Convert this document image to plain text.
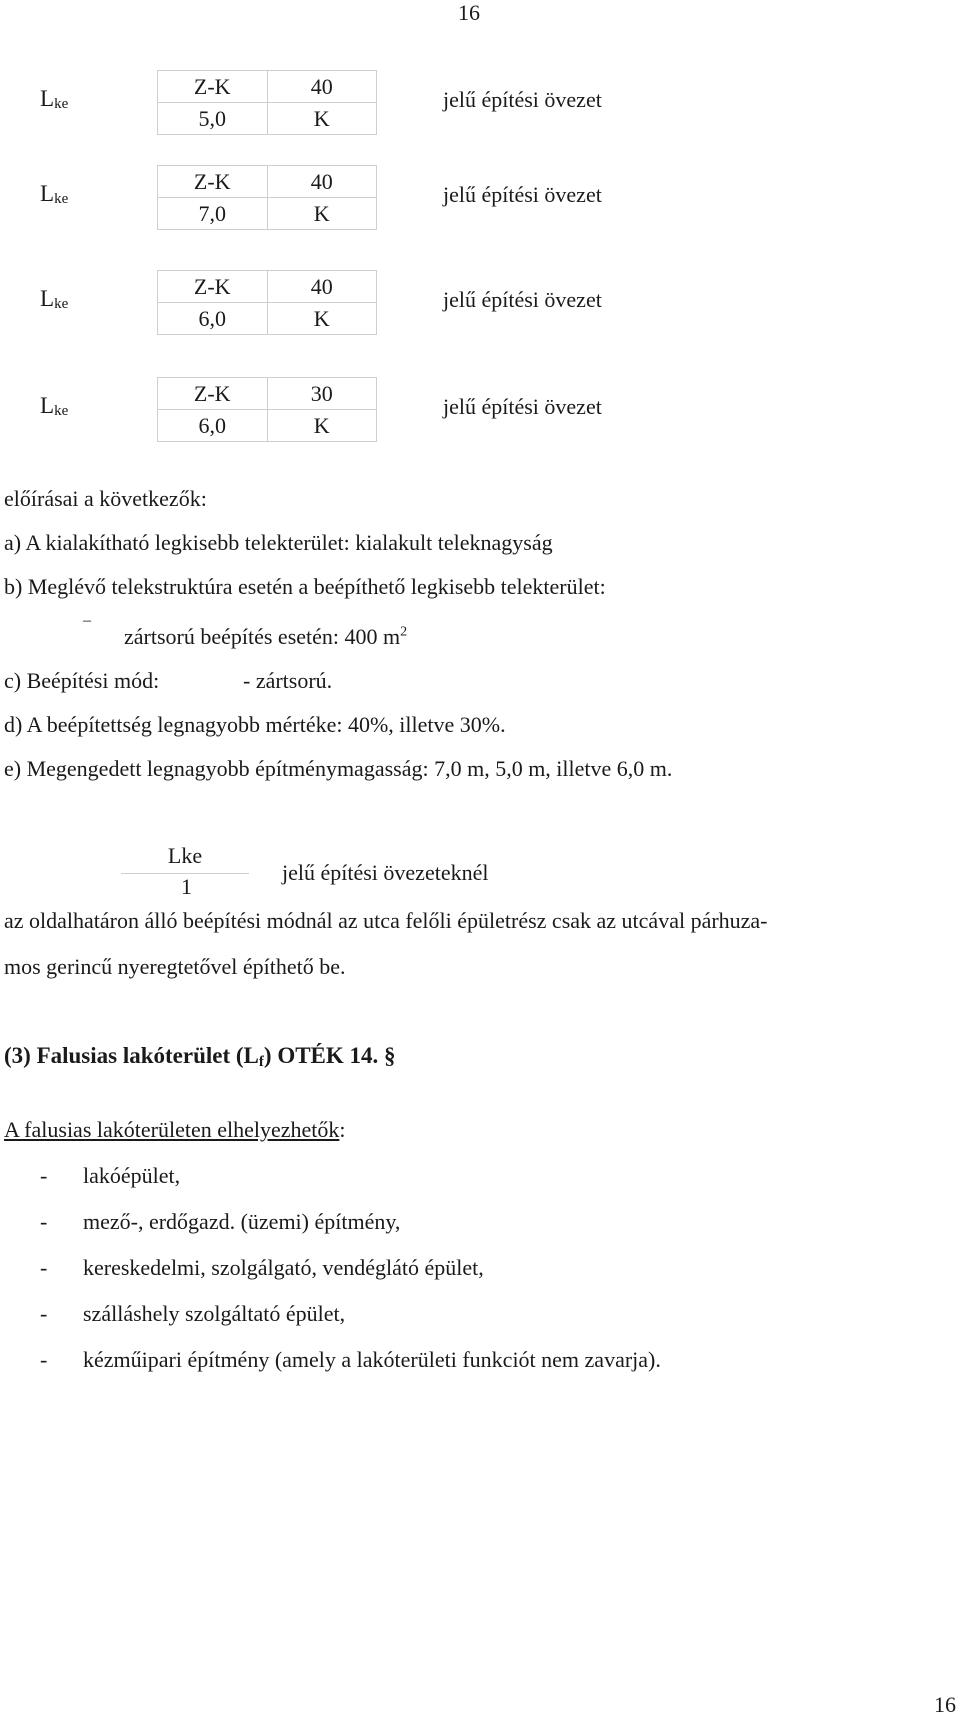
16
16
$L_{ke}$
Z-K	40
5,0	K
jelű építési övezet
$L_{ke}$
Z-K	40
7,0	K
jelű építési övezet
$L_{ke}$
Z-K	40
6,0	K
jelű építési övezet
$L_{ke}$
Z-K	30
6,0	K
jelű építési övezet
előírásai a következők:
a) A kialakítható legkisebb telekterület: kialakult teleknagyság
b) Meglévő telekstruktúra esetén a beépíthető legkisebb telekterület:
–
zártsorú beépítés esetén: 400 $m^2$
c) Beépítési mód:	- zártsorú.
d) A beépítettség legnagyobb mértéke: 40%, illetve 30%.
e) Megengedett legnagyobb építménymagasság: 7,0 m, 5,0 m, illetve 6,0 m.
Lke
1
jelű építési övezeteknél
az oldalhatáron álló beépítési módnál az utca felőli épületrész csak az utcával párhuza-
mos gerincű nyeregtetővel építhető be.
(3) Falusias lakóterület $(L_f)$ OTÉK 14. §
A falusias lakóterületen elhelyezhetők:
- lakóépület,
- mező-, erdőgazd. (üzemi) építmény,
- kereskedelmi, szolgálgató, vendéglátó épület,
- szálláshely szolgáltató épület,
- kézműipari építmény (amely a lakóterületi funkciót nem zavarja).
